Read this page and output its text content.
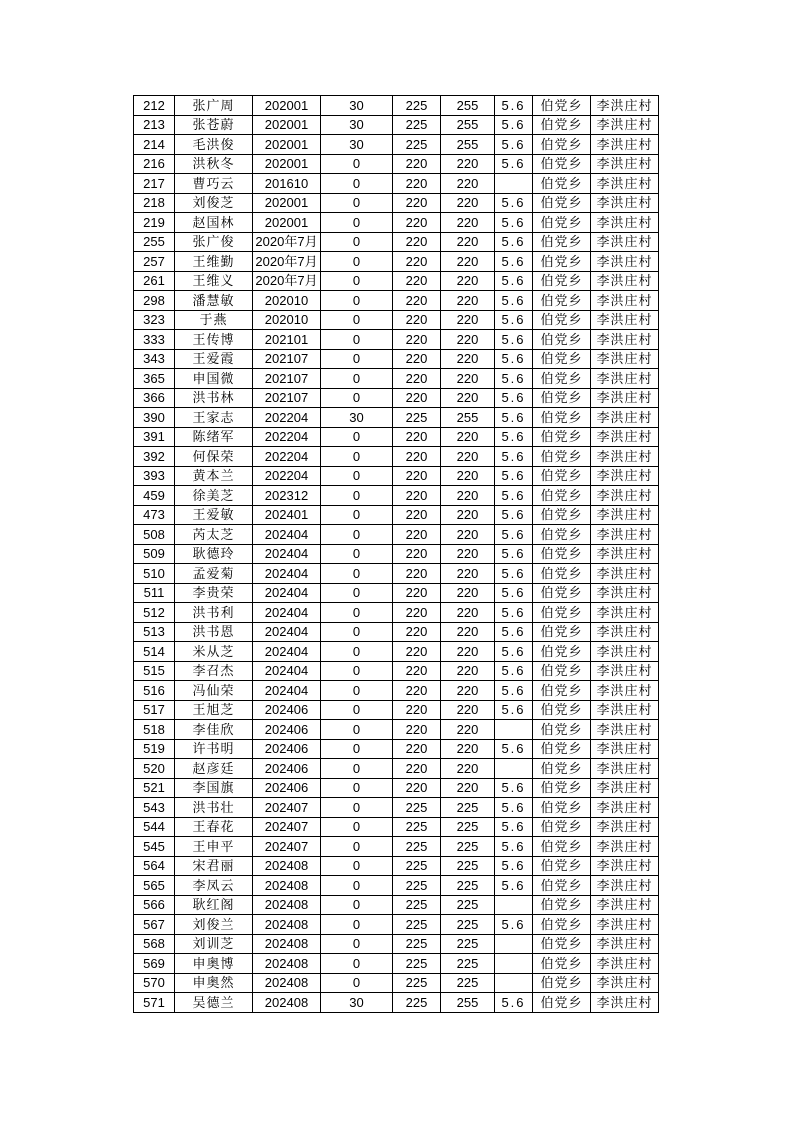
212	张广周	202001	30	225	255	5.6	伯党乡	李洪庄村
213	张苍蔚	202001	30	225	255	5.6	伯党乡	李洪庄村
214	毛洪俊	202001	30	225	255	5.6	伯党乡	李洪庄村
216	洪秋冬	202001	0	220	220	5.6	伯党乡	李洪庄村
217	曹巧云	201610	0	220	220		伯党乡	李洪庄村
218	刘俊芝	202001	0	220	220	5.6	伯党乡	李洪庄村
219	赵国林	202001	0	220	220	5.6	伯党乡	李洪庄村
255	张广俊	2020年7月	0	220	220	5.6	伯党乡	李洪庄村
257	王维勤	2020年7月	0	220	220	5.6	伯党乡	李洪庄村
261	王维义	2020年7月	0	220	220	5.6	伯党乡	李洪庄村
298	潘慧敏	202010	0	220	220	5.6	伯党乡	李洪庄村
323	于燕	202010	0	220	220	5.6	伯党乡	李洪庄村
333	王传博	202101	0	220	220	5.6	伯党乡	李洪庄村
343	王爱霞	202107	0	220	220	5.6	伯党乡	李洪庄村
365	申国微	202107	0	220	220	5.6	伯党乡	李洪庄村
366	洪书林	202107	0	220	220	5.6	伯党乡	李洪庄村
390	王家志	202204	30	225	255	5.6	伯党乡	李洪庄村
391	陈绪军	202204	0	220	220	5.6	伯党乡	李洪庄村
392	何保荣	202204	0	220	220	5.6	伯党乡	李洪庄村
393	黄本兰	202204	0	220	220	5.6	伯党乡	李洪庄村
459	徐美芝	202312	0	220	220	5.6	伯党乡	李洪庄村
473	王爱敏	202401	0	220	220	5.6	伯党乡	李洪庄村
508	芮太芝	202404	0	220	220	5.6	伯党乡	李洪庄村
509	耿德玲	202404	0	220	220	5.6	伯党乡	李洪庄村
510	孟爱菊	202404	0	220	220	5.6	伯党乡	李洪庄村
511	李贵荣	202404	0	220	220	5.6	伯党乡	李洪庄村
512	洪书利	202404	0	220	220	5.6	伯党乡	李洪庄村
513	洪书恩	202404	0	220	220	5.6	伯党乡	李洪庄村
514	米从芝	202404	0	220	220	5.6	伯党乡	李洪庄村
515	李召杰	202404	0	220	220	5.6	伯党乡	李洪庄村
516	冯仙荣	202404	0	220	220	5.6	伯党乡	李洪庄村
517	王旭芝	202406	0	220	220	5.6	伯党乡	李洪庄村
518	李佳欣	202406	0	220	220		伯党乡	李洪庄村
519	许书明	202406	0	220	220	5.6	伯党乡	李洪庄村
520	赵彦廷	202406	0	220	220		伯党乡	李洪庄村
521	李国旗	202406	0	220	220	5.6	伯党乡	李洪庄村
543	洪书壮	202407	0	225	225	5.6	伯党乡	李洪庄村
544	王春花	202407	0	225	225	5.6	伯党乡	李洪庄村
545	王申平	202407	0	225	225	5.6	伯党乡	李洪庄村
564	宋君丽	202408	0	225	225	5.6	伯党乡	李洪庄村
565	李凤云	202408	0	225	225	5.6	伯党乡	李洪庄村
566	耿红阁	202408	0	225	225		伯党乡	李洪庄村
567	刘俊兰	202408	0	225	225	5.6	伯党乡	李洪庄村
568	刘训芝	202408	0	225	225		伯党乡	李洪庄村
569	申奥博	202408	0	225	225		伯党乡	李洪庄村
570	申奥然	202408	0	225	225		伯党乡	李洪庄村
571	吴德兰	202408	30	225	255	5.6	伯党乡	李洪庄村
